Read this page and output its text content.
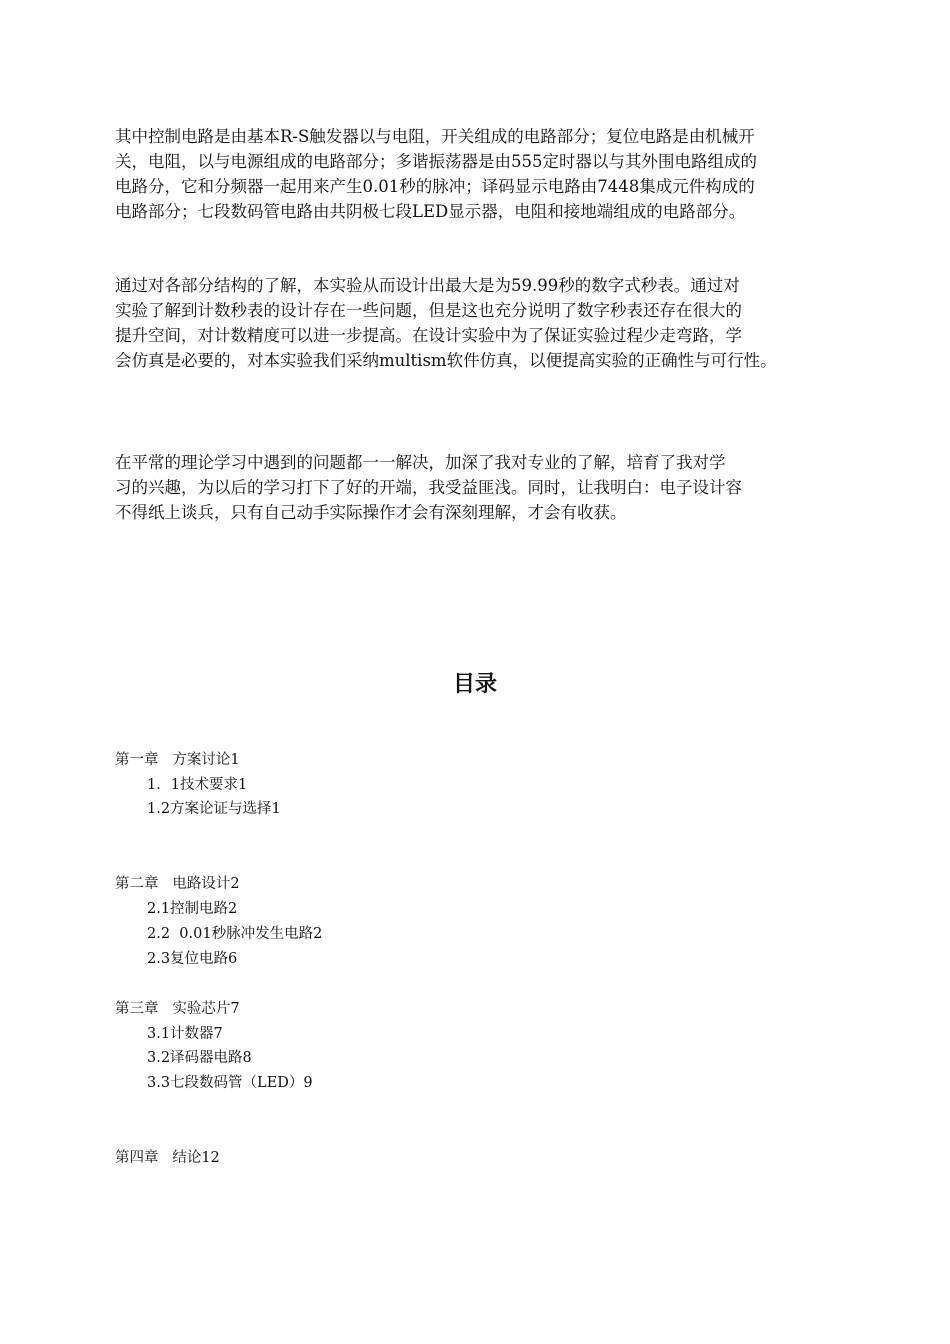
其中控制电路是由基本R-S触发器以与电阻，开关组成的电路部分；复位电路是由机械开
关，电阻，以与电源组成的电路部分；多谐振荡器是由555定时器以与其外围电路组成的
电路分，它和分频器一起用来产生0.01秒的脉冲；译码显示电路由7448集成元件构成的
电路部分；七段数码管电路由共阴极七段LED显示器，电阻和接地端组成的电路部分。
通过对各部分结构的了解，本实验从而设计出最大是为59.99秒的数字式秒表。通过对
实验了解到计数秒表的设计存在一些问题，但是这也充分说明了数字秒表还存在很大的
提升空间，对计数精度可以进一步提高。在设计实验中为了保证实验过程少走弯路，学
会仿真是必要的，对本实验我们采纳multism软件仿真，以便提高实验的正确性与可行性。
在平常的理论学习中遇到的问题都一一解决，加深了我对专业的了解，培育了我对学
习的兴趣，为以后的学习打下了好的开端，我受益匪浅。同时，让我明白：电子设计容
不得纸上谈兵，只有自己动手实际操作才会有深刻理解，才会有收获。
目录
第一章   方案讨论1
1．1技术要求1
1.2方案论证与选择1
第二章   电路设计2
2.1控制电路2
2.2  0.01秒脉冲发生电路2
2.3复位电路6
第三章   实验芯片7
3.1计数器7
3.2译码器电路8
3.3七段数码管（LED）9
第四章   结论12
